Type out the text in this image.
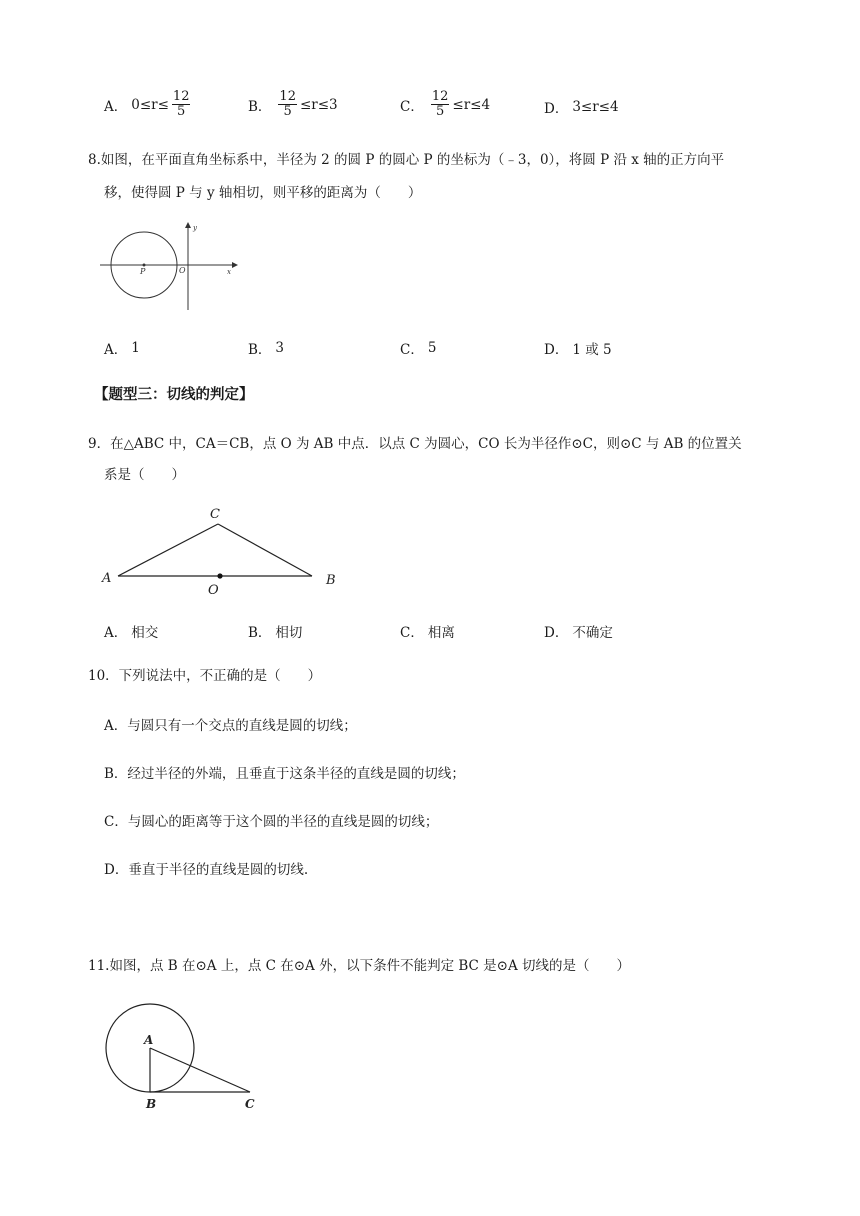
A． $0\le r\le \frac{12}{5}$	B． $\frac{12}{5} \le r\le 3$	C． $\frac{12}{5} \le r\le 4$	D． 3≤r≤4
8.如图，在平面直角坐标系中，半径为 2 的圆 P 的圆心 P 的坐标为（﹣3，0），将圆 P 沿 x 轴的正方向平
移，使得圆 P 与 y 轴相切，则平移的距离为（　　）
P	O	x
y
A． 1	B． 3	C． 5	D． 1 或 5
【题型三：切线的判定】
9．在△ABC 中，CA＝CB，点 O 为 AB 中点．以点 C 为圆心，CO 长为半径作⊙C，则⊙C 与 AB 的位置关
系是（　　）
A	B
C
O
A． 相交	B． 相切	C． 相离	D． 不确定
10．下列说法中，不正确的是（　　）
A．与圆只有一个交点的直线是圆的切线；
B．经过半径的外端，且垂直于这条半径的直线是圆的切线；
C．与圆心的距离等于这个圆的半径的直线是圆的切线；
D．垂直于半径的直线是圆的切线.
11.如图，点 B 在⊙A 上，点 C 在⊙A 外，以下条件不能判定 BC 是⊙A 切线的是（　　）
A
B	C
